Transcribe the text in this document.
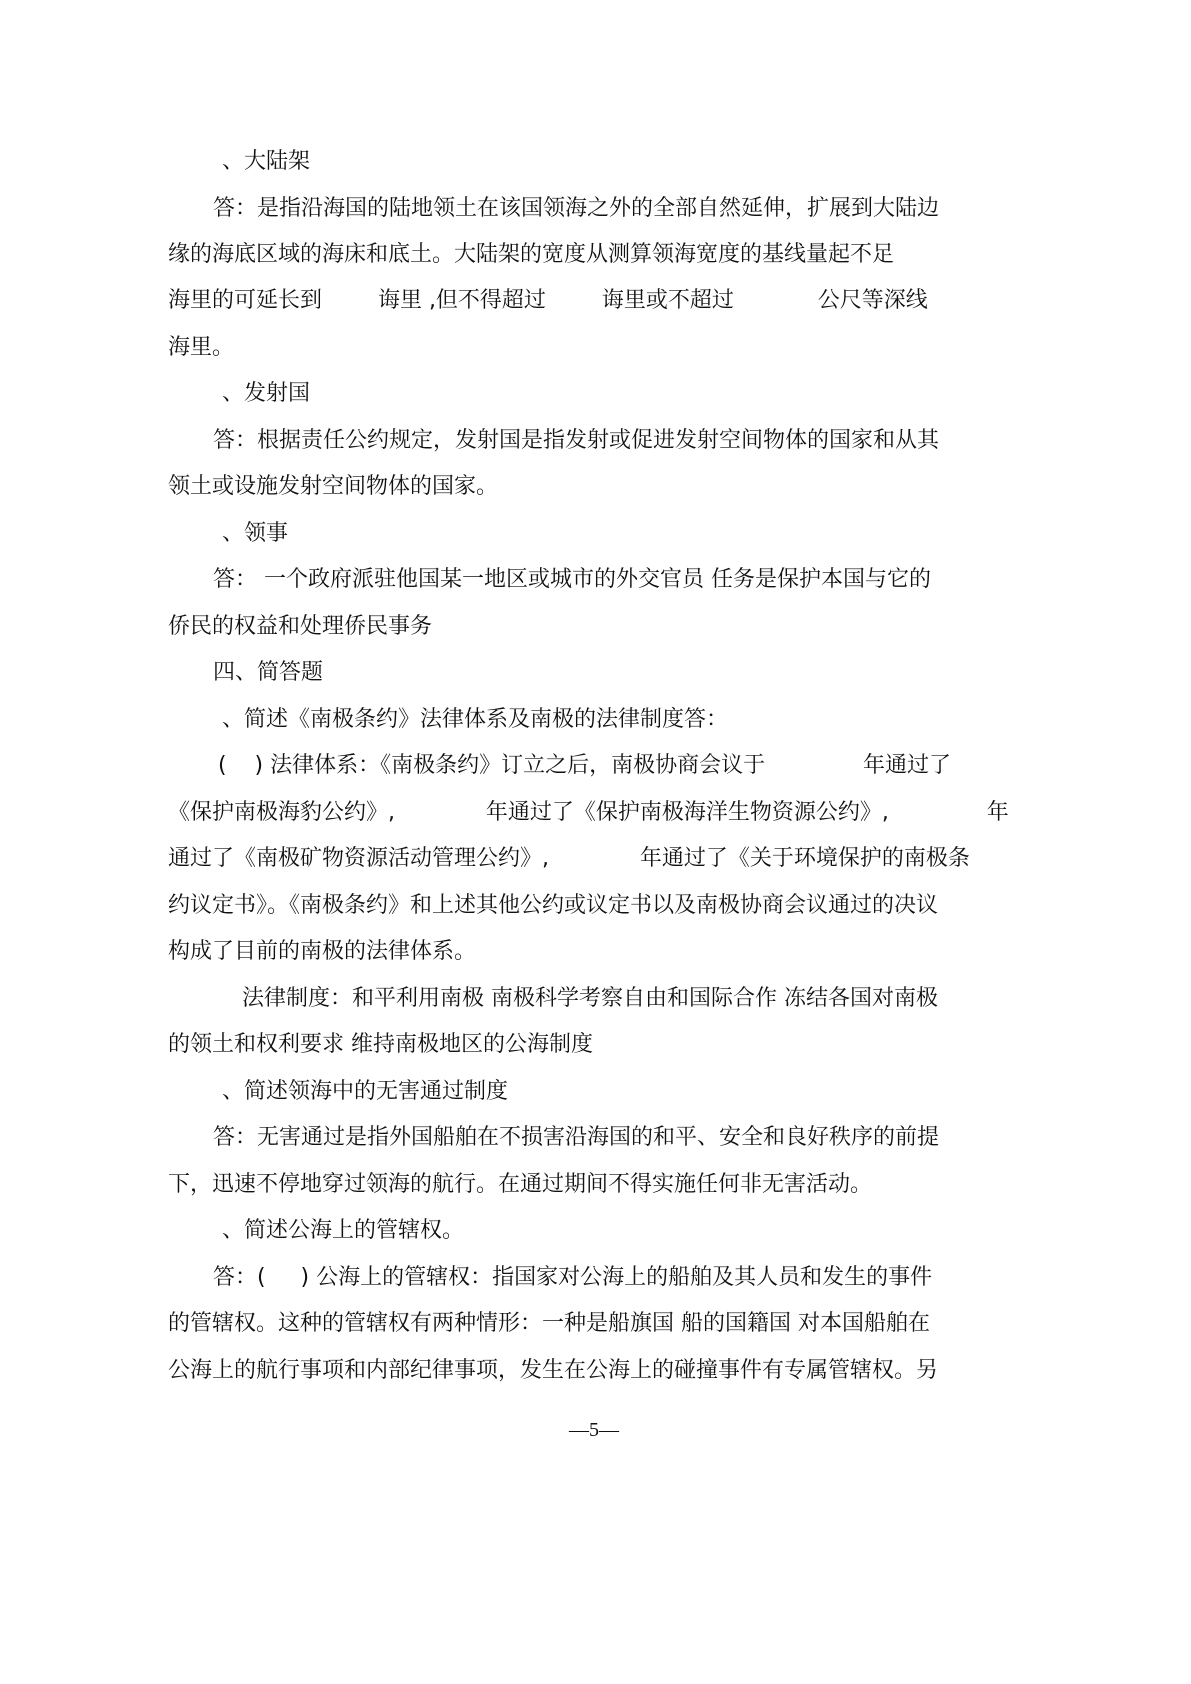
、大陆架

答：是指沿海国的陆地领土在该国领海之外的全部自然延伸，扩展到大陆边

缘的海底区域的海床和底土。大陆架的宽度从测算领海宽度的基线量起不足

海里的可延长到        诲里 ,但不得超过        诲里或不超过            公尺等深线

海里。

、发射国

答：根据责任公约规定，发射国是指发射或促进发射空间物体的国家和从其

领土或设施发射空间物体的国家。

、领事

答： 一个政府派驻他国某一地区或城市的外交官员 任务是保护本国与它的

侨民的权益和处理侨民事务

四、简答题

、简述《南极条约》法律体系及南极的法律制度答：

(    ) 法律体系：《南极条约》订立之后，南极协商会议于              年通过了

《保护南极海豹公约》,             年通过了《保护南极海洋生物资源公约》,              年

通过了《南极矿物资源活动管理公约》,             年通过了《关于环境保护的南极条

约议定书》。《南极条约》和上述其他公约或议定书以及南极协商会议通过的决议

构成了目前的南极的法律体系。

法律制度：和平利用南极 南极科学考察自由和国际合作 冻结各国对南极

的领土和权利要求 维持南极地区的公海制度

、简述领海中的无害通过制度

答：无害通过是指外国船舶在不损害沿海国的和平、安全和良好秩序的前提

下，迅速不停地穿过领海的航行。在通过期间不得实施任何非无害活动。

、简述公海上的管辖权。

答：(     ) 公海上的管辖权：指国家对公海上的船舶及其人员和发生的事件

的管辖权。这种的管辖权有两种情形：一种是船旗国 船的国籍国 对本国船舶在

公海上的航行事项和内部纪律事项，发生在公海上的碰撞事件有专属管辖权。另

—5—
